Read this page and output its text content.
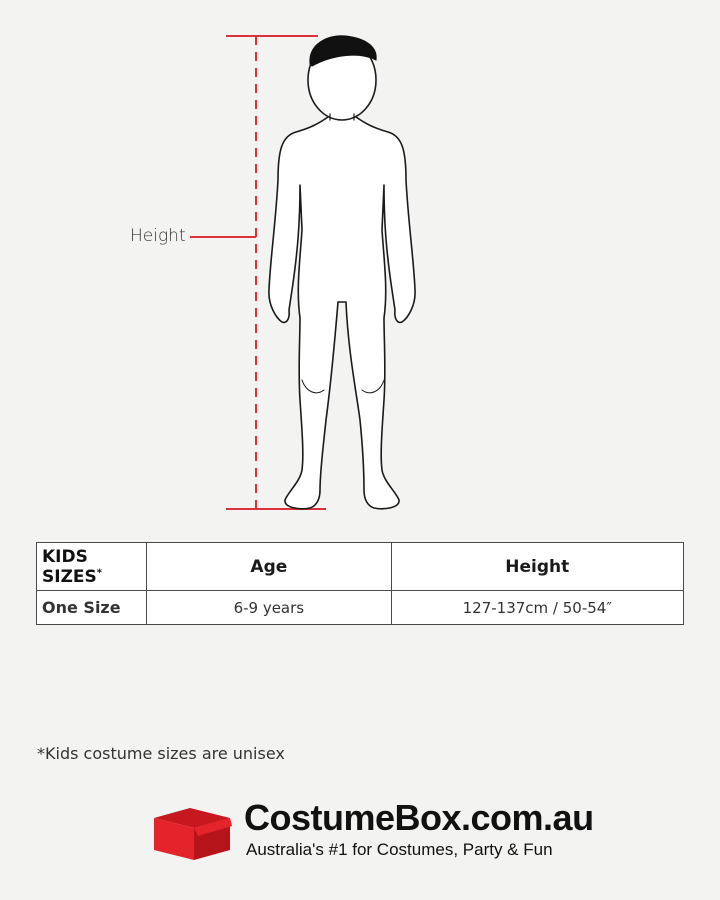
Height
KIDS SIZES*	Age	Height
One Size	6-9 years	127-137cm / 50-54″
*Kids costume sizes are unisex
CostumeBox.com.au
Australia's #1 for Costumes, Party & Fun
